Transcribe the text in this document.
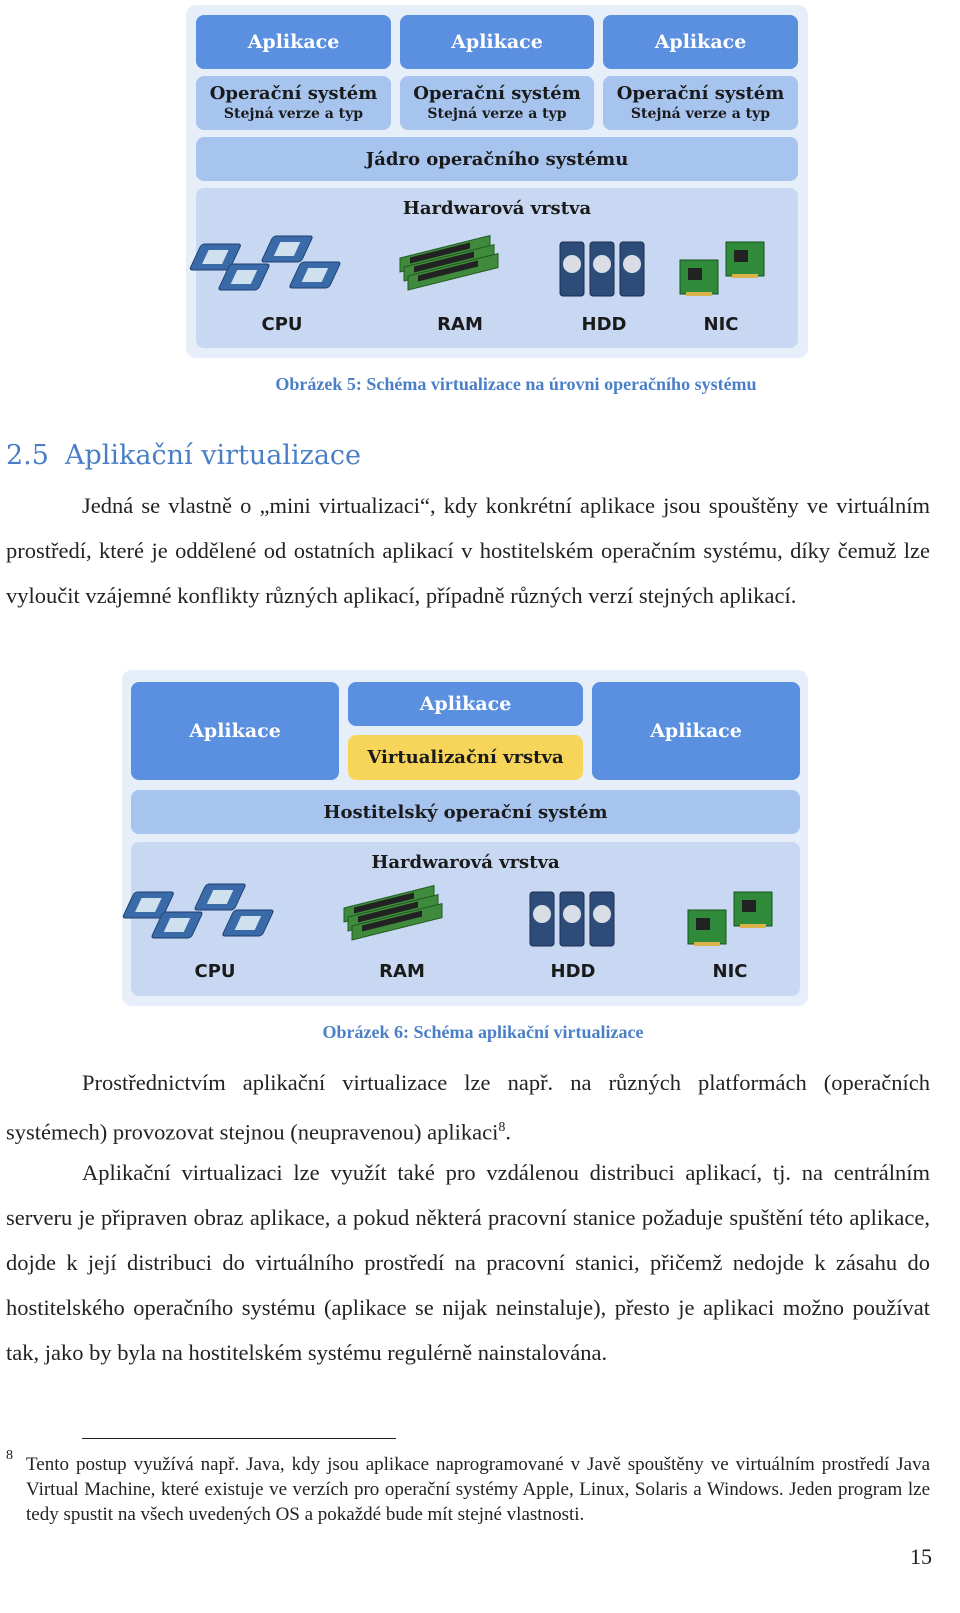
Aplikace	Aplikace	Aplikace
Operační systém
Stejná verze a typ
Operační systém
Stejná verze a typ
Operační systém
Stejná verze a typ
Jádro operačního systému
Hardwarová vrstva
CPU	RAM	HDD	NIC
Obrázek 5: Schéma virtualizace na úrovni operačního systému
2.5 Aplikační virtualizace
Jedná se vlastně o „mini virtualizaci“, kdy konkrétní aplikace jsou spouštěny ve virtuálním prostředí, které je oddělené od ostatních aplikací v hostitelském operačním systému, díky čemuž lze vyloučit vzájemné konflikty různých aplikací, případně různých verzí stejných aplikací.
Aplikace
Aplikace
Virtualizační vrstva
Aplikace
Hostitelský operační systém
Hardwarová vrstva
CPU	RAM	HDD	NIC
Obrázek 6: Schéma aplikační virtualizace
Prostřednictvím aplikační virtualizace lze např. na různých platformách (operačních systémech) provozovat stejnou (neupravenou) aplikaci$^8$.
Aplikační virtualizaci lze využít také pro vzdálenou distribuci aplikací, tj. na centrálním serveru je připraven obraz aplikace, a pokud některá pracovní stanice požaduje spuštění této aplikace, dojde k její distribuci do virtuálního prostředí na pracovní stanici, přičemž nedojde k zásahu do hostitelského operačního systému (aplikace se nijak neinstaluje), přesto je aplikaci možno používat tak, jako by byla na hostitelském systému regulérně nainstalována.
8 Tento postup využívá např. Java, kdy jsou aplikace naprogramované v Javě spouštěny ve virtuálním prostředí Java Virtual Machine, které existuje ve verzích pro operační systémy Apple, Linux, Solaris a Windows. Jeden program lze tedy spustit na všech uvedených OS a pokaždé bude mít stejné vlastnosti.
15
